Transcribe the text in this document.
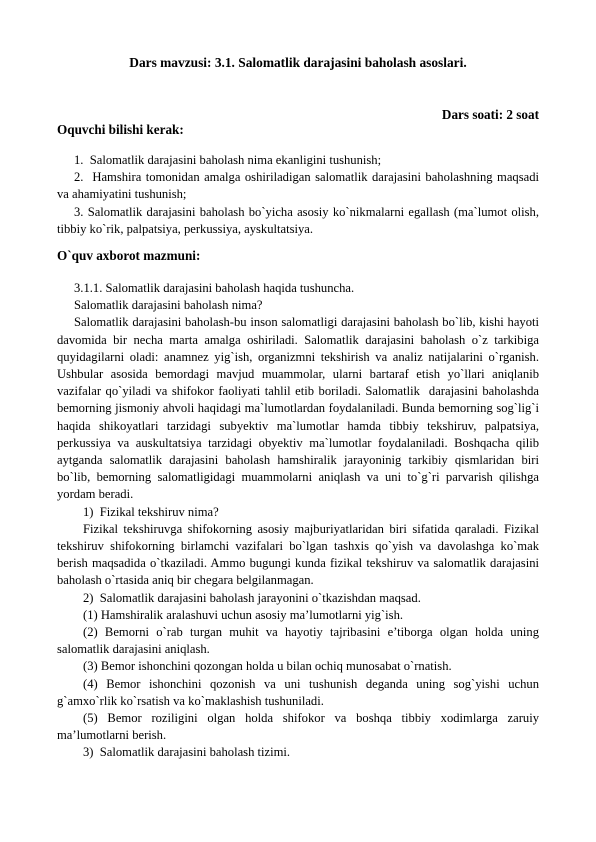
Dars mavzusi: 3.1. Salomatlik darajasini baholash asoslari.
Dars soati: 2 soat
Oquvchi bilishi kerak:

1.  Salomatlik darajasini baholash nima ekanligini tushunish;

2.  Hamshira tomonidan amalga oshiriladigan salomatlik darajasini baholashning maqsadi va ahamiyatini tushunish;

3. Salomatlik darajasini baholash bo`yicha asosiy ko`nikmalarni egallash (ma`lumot olish, tibbiy ko`rik, palpatsiya, perkussiya, ayskultatsiya.

O`quv axborot mazmuni:

3.1.1. Salomatlik darajasini baholash haqida tushuncha.

Salomatlik darajasini baholash nima?

Salomatlik darajasini baholash-bu inson salomatligi darajasini baholash bo`lib, kishi hayoti davomida bir necha marta amalga oshiriladi. Salomatlik darajasini baholash o`z tarkibiga quyidagilarni oladi: anamnez yig`ish, organizmni tekshirish va analiz natijalarini o`rganish. Ushbular asosida bemordagi mavjud muammolar, ularni bartaraf etish yo`llari aniqlanib vazifalar qo`yiladi va shifokor faoliyati tahlil etib boriladi. Salomatlik  darajasini baholashda bemorning jismoniy ahvoli haqidagi ma`lumotlardan foydalaniladi. Bunda bemorning sog`lig`i haqida shikoyatlari tarzidagi subyektiv ma`lumotlar hamda tibbiy tekshiruv, palpatsiya, perkussiya va auskultatsiya tarzidagi obyektiv ma`lumotlar foydalaniladi. Boshqacha qilib aytganda salomatlik darajasini baholash hamshiralik jarayoninig tarkibiy qismlaridan biri bo`lib, bemorning salomatligidagi muammolarni aniqlash va uni to`g`ri parvarish qilishga yordam beradi.

1)  Fizikal tekshiruv nima?

Fizikal tekshiruvga shifokorning asosiy majburiyatlaridan biri sifatida qaraladi. Fizikal tekshiruv shifokorning birlamchi vazifalari bo`lgan tashxis qo`yish va davolashga ko`mak berish maqsadida o`tkaziladi. Ammo bugungi kunda fizikal tekshiruv va salomatlik darajasini baholash o`rtasida aniq bir chegara belgilanmagan.

2)  Salomatlik darajasini baholash jarayonini o`tkazishdan maqsad.

(1) Hamshiralik aralashuvi uchun asosiy ma’lumotlarni yig`ish.

(2) Bemorni o`rab turgan muhit va hayotiy tajribasini e’tiborga olgan holda uning salomatlik darajasini aniqlash.

(3) Bemor ishonchini qozongan holda u bilan ochiq munosabat o`rnatish.

(4) Bemor ishonchini qozonish va uni tushunish deganda uning sog`yishi uchun g`amxo`rlik ko`rsatish va ko`maklashish tushuniladi.

(5) Bemor roziligini olgan holda shifokor va boshqa tibbiy xodimlarga zaruiy ma’lumotlarni berish.

3)  Salomatlik darajasini baholash tizimi.
